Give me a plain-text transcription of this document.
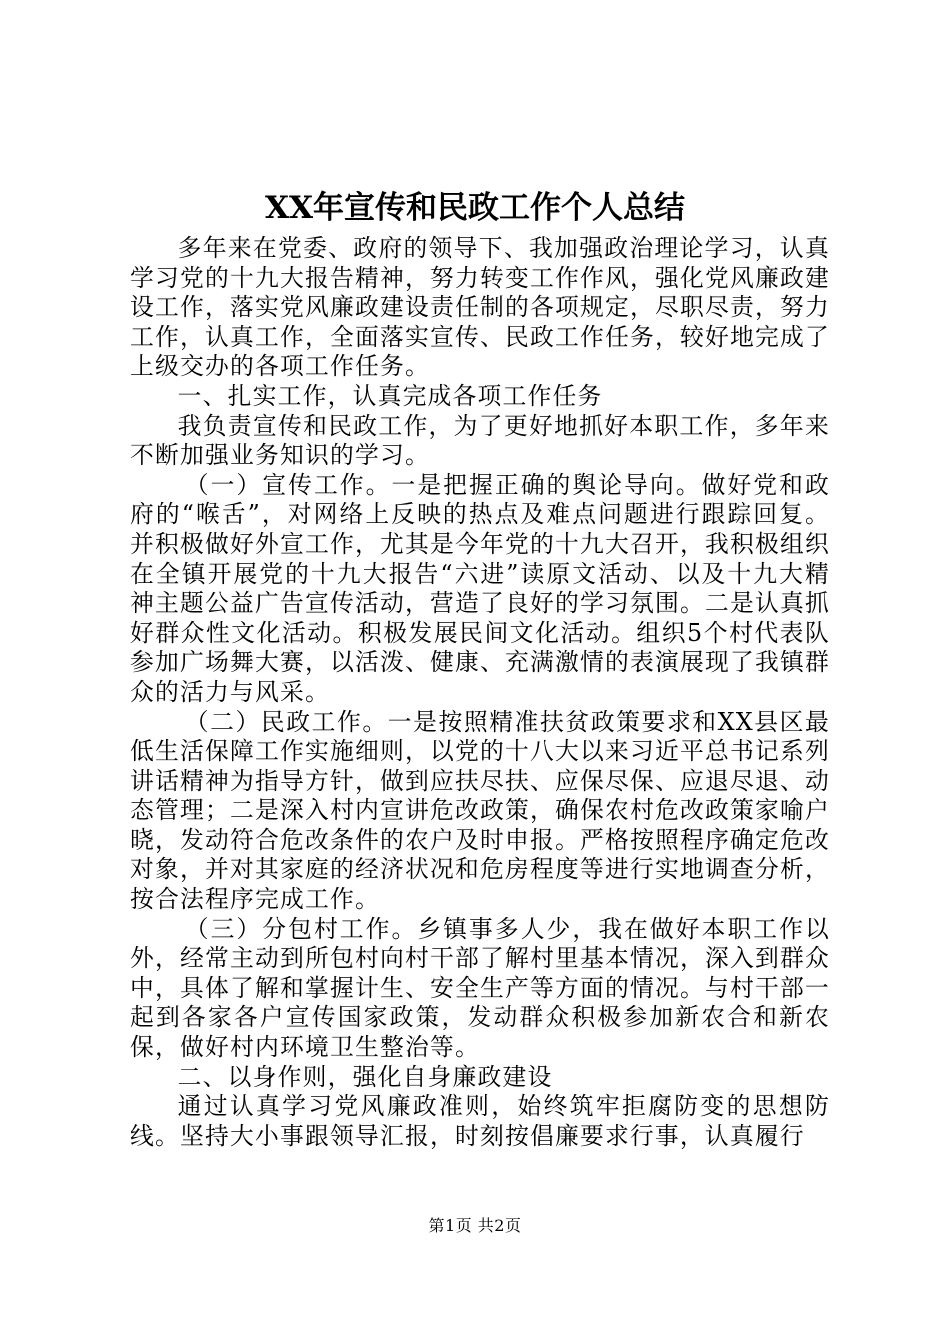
XX年宣传和民政工作个人总结

多年来在党委、政府的领导下、我加强政治理论学习，认真学习党的十九大报告精神，努力转变工作作风，强化党风廉政建设工作，落实党风廉政建设责任制的各项规定，尽职尽责，努力工作，认真工作，全面落实宣传、民政工作任务，较好地完成了上级交办的各项工作任务。

一、扎实工作，认真完成各项工作任务

我负责宣传和民政工作，为了更好地抓好本职工作，多年来不断加强业务知识的学习。

（一）宣传工作。一是把握正确的舆论导向。做好党和政府的“喉舌”，对网络上反映的热点及难点问题进行跟踪回复。并积极做好外宣工作，尤其是今年党的十九大召开，我积极组织在全镇开展党的十九大报告“六进”读原文活动、以及十九大精神主题公益广告宣传活动，营造了良好的学习氛围。二是认真抓好群众性文化活动。积极发展民间文化活动。组织5个村代表队参加广场舞大赛，以活泼、健康、充满激情的表演展现了我镇群众的活力与风采。

（二）民政工作。一是按照精准扶贫政策要求和XX县区最低生活保障工作实施细则，以党的十八大以来习近平总书记系列讲话精神为指导方针，做到应扶尽扶、应保尽保、应退尽退、动态管理；二是深入村内宣讲危改政策，确保农村危改政策家喻户晓，发动符合危改条件的农户及时申报。严格按照程序确定危改对象，并对其家庭的经济状况和危房程度等进行实地调查分析，按合法程序完成工作。

（三）分包村工作。乡镇事多人少，我在做好本职工作以外，经常主动到所包村向村干部了解村里基本情况，深入到群众中，具体了解和掌握计生、安全生产等方面的情况。与村干部一起到各家各户宣传国家政策，发动群众积极参加新农合和新农保，做好村内环境卫生整治等。

二、以身作则，强化自身廉政建设

通过认真学习党风廉政准则，始终筑牢拒腐防变的思想防线。坚持大小事跟领导汇报，时刻按倡廉要求行事，认真履行

第1页 共2页
